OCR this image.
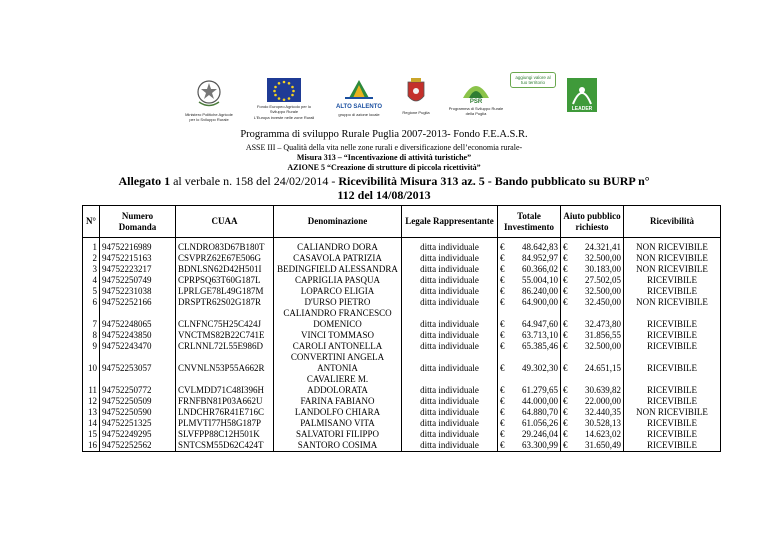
Ministero Politiche Agricole per lo Sviluppo Rurale
Fondo Europeo Agricolo per lo Sviluppo Rurale
L'Europa investe nelle zone Rurali
ALTO SALENTO
gruppo di azione locale	Regione Puglia
PSR
Programma di Sviluppo Rurale della Puglia
aggiungi valore al tuo territorio
LEADER
Programma di sviluppo Rurale Puglia 2007-2013- Fondo F.E.A.S.R.
ASSE III – Qualità della vita nelle zone rurali e diversificazione dell’economia rurale-
Misura 313 – “Incentivazione di attività turistiche”
AZIONE 5 “Creazione di strutture di piccola ricettività”
Allegato 1 al verbale n. 158 del 24/02/2014 - Ricevibilità Misura 313 az. 5 - Bando pubblicato su BURP n° 112 del 14/08/2013
N°	Numero Domanda	CUAA	Denominazione	Legale Rappresentante	Totale Investimento		Aiuto pubblico richiesto		Ricevibilità
1	94752216989	CLNDRO83D67B180T	CALIANDRO DORA	ditta individuale	€	48.642,83	€	24.321,41	NON RICEVIBILE
2	94752215163	CSVPRZ62E67E506G	CASAVOLA PATRIZIA	ditta individuale	€	84.952,97	€	32.500,00	NON RICEVIBILE
3	94752223217	BDNLSN62D42H501I	BEDINGFIELD ALESSANDRA	ditta individuale	€	60.366,02	€	30.183,00	NON RICEVIBILE
4	94752250749	CPRPSQ63T60G187L	CAPRIGLIA PASQUA	ditta individuale	€	55.004,10	€	27.502,05	RICEVIBILE
5	94752231038	LPRLGE78L49G187M	LOPARCO ELIGIA	ditta individuale	€	86.240,00	€	32.500,00	RICEVIBILE
6	94752252166	DRSPTR62S02G187R	D'URSO PIETRO	ditta individuale	€	64.900,00	€	32.450,00	NON RICEVIBILE
7	94752248065	CLNFNC75H25C424J	CALIANDRO FRANCESCO DOMENICO	ditta individuale	€	64.947,60	€	32.473,80	RICEVIBILE
8	94752243850	VNCTMS82B22C741E	VINCI TOMMASO	ditta individuale	€	63.713,10	€	31.856,55	RICEVIBILE
9	94752243470	CRLNNL72L55E986D	CAROLI ANTONELLA	ditta individuale	€	65.385,46	€	32.500,00	RICEVIBILE
10	94752253057	CNVNLN53P55A662R	CONVERTINI ANGELA ANTONIA	ditta individuale	€	49.302,30	€	24.651,15	RICEVIBILE
11	94752250772	CVLMDD71C48I396H	CAVALIERE M. ADDOLORATA	ditta individuale	€	61.279,65	€	30.639,82	RICEVIBILE
12	94752250509	FRNFBN81P03A662U	FARINA FABIANO	ditta individuale	€	44.000,00	€	22.000,00	RICEVIBILE
13	94752250590	LNDCHR76R41E716C	LANDOLFO CHIARA	ditta individuale	€	64.880,70	€	32.440,35	NON RICEVIBILE
14	94752251325	PLMVTI77H58G187P	PALMISANO VITA	ditta individuale	€	61.056,26	€	30.528,13	RICEVIBILE
15	94752249295	SLVFPP88C12H501K	SALVATORI FILIPPO	ditta individuale	€	29.246,04	€	14.623,02	RICEVIBILE
16	94752252562	SNTCSM55D62C424T	SANTORO COSIMA	ditta individuale	€	63.300,99	€	31.650,49	RICEVIBILE
